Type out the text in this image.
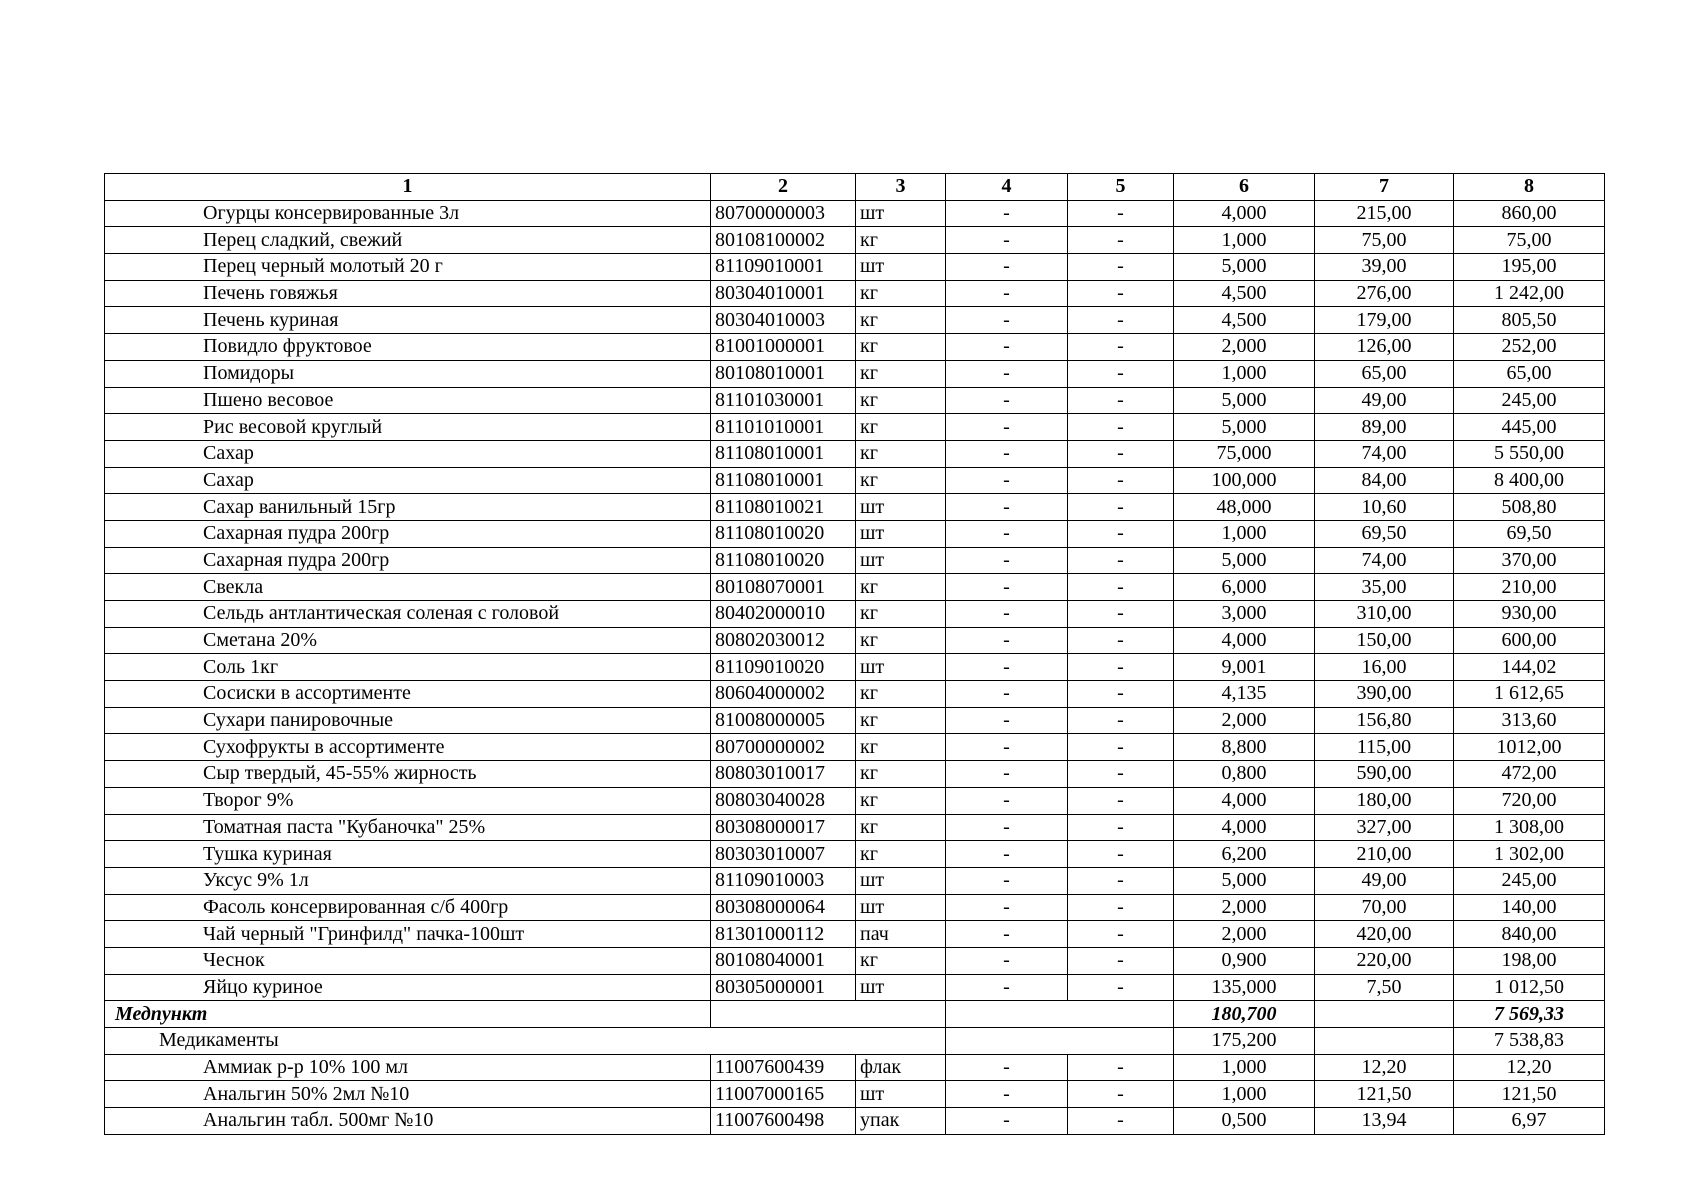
1	2	3	4	5	6	7	8
Огурцы консервированные 3л	80700000003	шт	-	-	4,000	215,00	860,00
Перец сладкий, свежий	80108100002	кг	-	-	1,000	75,00	75,00
Перец черный молотый 20 г	81109010001	шт	-	-	5,000	39,00	195,00
Печень говяжья	80304010001	кг	-	-	4,500	276,00	1 242,00
Печень куриная	80304010003	кг	-	-	4,500	179,00	805,50
Повидло фруктовое	81001000001	кг	-	-	2,000	126,00	252,00
Помидоры	80108010001	кг	-	-	1,000	65,00	65,00
Пшено весовое	81101030001	кг	-	-	5,000	49,00	245,00
Рис весовой круглый	81101010001	кг	-	-	5,000	89,00	445,00
Сахар	81108010001	кг	-	-	75,000	74,00	5 550,00
Сахар	81108010001	кг	-	-	100,000	84,00	8 400,00
Сахар ванильный 15гр	81108010021	шт	-	-	48,000	10,60	508,80
Сахарная пудра 200гр	81108010020	шт	-	-	1,000	69,50	69,50
Сахарная пудра 200гр	81108010020	шт	-	-	5,000	74,00	370,00
Свекла	80108070001	кг	-	-	6,000	35,00	210,00
Сельдь антлантическая соленая с головой	80402000010	кг	-	-	3,000	310,00	930,00
Сметана 20%	80802030012	кг	-	-	4,000	150,00	600,00
Соль 1кг	81109010020	шт	-	-	9,001	16,00	144,02
Сосиски в ассортименте	80604000002	кг	-	-	4,135	390,00	1 612,65
Сухари панировочные	81008000005	кг	-	-	2,000	156,80	313,60
Сухофрукты в ассортименте	80700000002	кг	-	-	8,800	115,00	1012,00
Сыр твердый, 45-55% жирность	80803010017	кг	-	-	0,800	590,00	472,00
Творог 9%	80803040028	кг	-	-	4,000	180,00	720,00
Томатная паста "Кубаночка" 25%	80308000017	кг	-	-	4,000	327,00	1 308,00
Тушка куриная	80303010007	кг	-	-	6,200	210,00	1 302,00
Уксус 9% 1л	81109010003	шт	-	-	5,000	49,00	245,00
Фасоль консервированная с/б 400гр	80308000064	шт	-	-	2,000	70,00	140,00
Чай черный "Гринфилд" пачка-100шт	81301000112	пач	-	-	2,000	420,00	840,00
Чеснок	80108040001	кг	-	-	0,900	220,00	198,00
Яйцо куриное	80305000001	шт	-	-	135,000	7,50	1 012,50
Медпункт					180,700		7 569,33
Медикаменты					175,200		7 538,83
Аммиак р-р 10% 100 мл	11007600439	флак	-	-	1,000	12,20	12,20
Анальгин 50% 2мл №10	11007000165	шт	-	-	1,000	121,50	121,50
Анальгин табл. 500мг №10	11007600498	упак	-	-	0,500	13,94	6,97
